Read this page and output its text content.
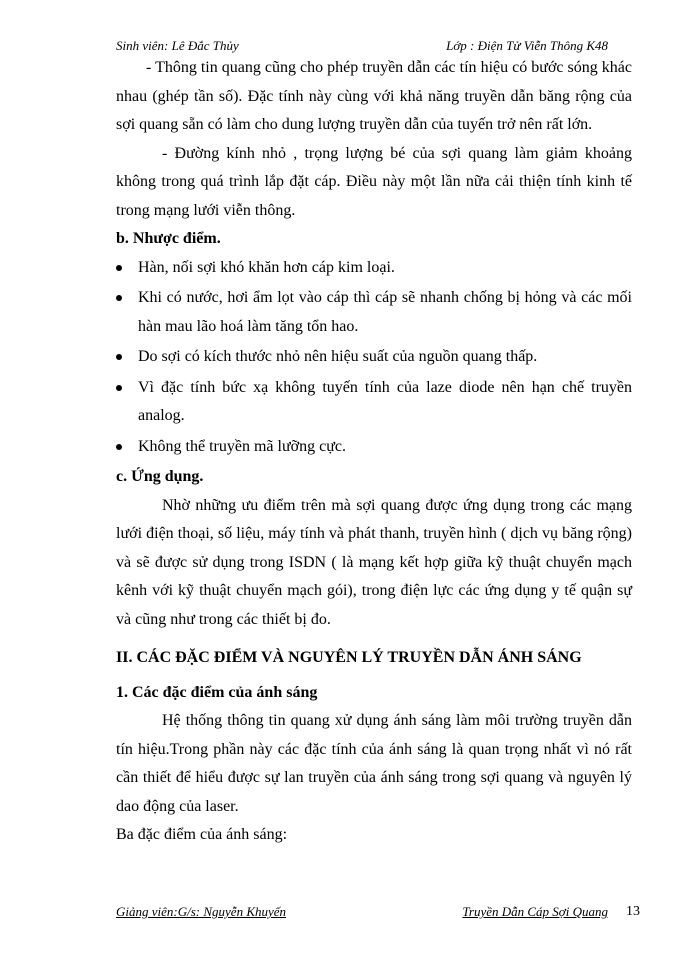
Sinh viên: Lê Đắc Thủy	Lớp : Điện Tử Viễn Thông K48

- Thông tin quang cũng cho phép truyền dẫn các tín hiệu có bước sóng khác nhau (ghép tần số). Đặc tính này cùng với khả năng truyền dẫn băng rộng của sợi quang sẵn có làm cho dung lượng truyền dẫn của tuyến trở nên rất lớn.

- Đường kính nhỏ , trọng lượng bé của sợi quang làm giảm khoảng không trong quá trình lắp đặt cáp. Điều này một lần nữa cải thiện tính kinh tế trong mạng lưới viễn thông.

b. Nhược điểm.

Hàn, nối sợi khó khăn hơn cáp kim loại.
Khi có nước, hơi ẩm lọt vào cáp thì cáp sẽ nhanh chống bị hỏng và các mối hàn mau lão hoá làm tăng tổn hao.
Do sợi có kích thước nhỏ nên hiệu suất của nguồn quang thấp.
Vì đặc tính bức xạ không tuyến tính của laze diode nên hạn chế truyền analog.
Không thể truyền mã lưỡng cực.

c. Ứng dụng.

Nhờ những ưu điểm trên mà sợi quang được ứng dụng trong các mạng lưới điện thoại, số liệu, máy tính và phát thanh, truyền hình ( dịch vụ băng rộng) và sẽ được sử dụng trong ISDN ( là mạng kết hợp giữa kỹ thuật chuyển mạch kênh với kỹ thuật chuyển mạch gói), trong điện lực các ứng dụng y tế quận sự và cũng như trong các thiết bị đo.

II. CÁC ĐẶC ĐIỂM VÀ NGUYÊN LÝ TRUYỀN DẪN ÁNH SÁNG

1. Các đặc điểm của ánh sáng

Hệ thống thông tin quang xử dụng ánh sáng làm môi trường truyền dẫn tín hiệu.Trong phần này các đặc tính của ánh sáng là quan trọng nhất vì nó rất cần thiết để hiểu được sự lan truyền của ánh sáng trong sợi quang và nguyên lý dao động của laser.

Ba đặc điểm của ánh sáng:

Giảng viên:G/s: Nguyễn Khuyến	Truyền Dẫn Cáp Sợi Quang 13
